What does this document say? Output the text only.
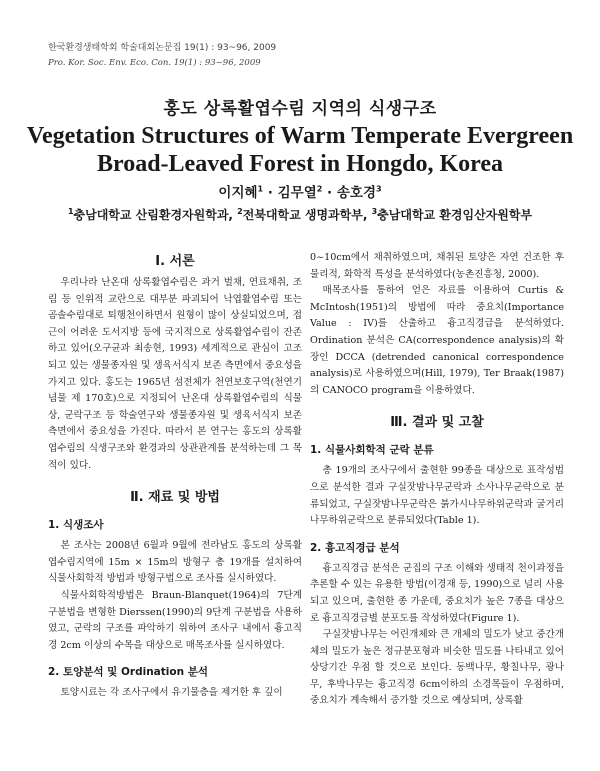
한국환경생태학회 학술대회논문집 19(1) : 93~96, 2009
Pro. Kor. Soc. Env. Eco. Con. 19(1) : 93~96, 2009
홍도 상록활엽수림 지역의 식생구조
Vegetation Structures of Warm Temperate Evergreen
Broad-Leaved Forest in Hongdo, Korea
이지혜$^1$ · 김무열$^2$ · 송호경$^3$
$^1$충남대학교 산림환경자원학과, $^2$전북대학교 생명과학부, $^3$충남대학교 환경임산자원학부

Ⅰ. 서론

우리나라 난온대 상록활엽수림은 과거 벌채, 연료채취, 조림 등 인위적 교란으로 대부분 파괴되어 낙엽활엽수림 또는 곰솔수림대로 퇴행천이하면서 원형이 많이 상실되었으며, 접근이 어려운 도서지방 등에 국지적으로 상록활엽수림이 잔존하고 있어(오구균과 최송현, 1993) 세계적으로 관심이 고조되고 있는 생물종자원 및 생육서식지 보존 측면에서 중요성을 가지고 있다. 홍도는 1965년 섬전체가 천연보호구역(천연기념물 제 170호)으로 지정되어 난온대 상록활엽수림의 식물상, 군락구조 등 학술연구와 생물종자원 및 생육서식지 보존 측면에서 중요성을 가진다. 따라서 본 연구는 홍도의 상록활엽수림의 식생구조와 환경과의 상관관계를 분석하는데 그 목적이 있다.

Ⅱ. 재료 및 방법

1. 식생조사

본 조사는 2008년 6월과 9월에 전라남도 홍도의 상록활엽수림지역에 15m × 15m의 방형구 총 19개를 설치하여 식물사회학적 방법과 방형구법으로 조사를 실시하였다.

식물사회학적방법은 Braun-Blanquet(1964)의 7단계 구분법을 변형한 Dierssen(1990)의 9단계 구분법을 사용하였고, 군락의 구조를 파악하기 위하여 조사구 내에서 흉고직경 2cm 이상의 수목을 대상으로 매목조사를 실시하였다.

2. 토양분석 및 Ordination 분석

토양시료는 각 조사구에서 유기물층을 제거한 후 깊이

0~10cm에서 채취하였으며, 채취된 토양은 자연 건조한 후 물리적, 화학적 특성을 분석하였다(농촌진흥청, 2000).

매목조사를 통하여 얻은 자료를 이용하여 Curtis & McIntosh(1951)의 방법에 따라 중요치(Importance Value : IV)를 산출하고 흉고직경급을 분석하였다. Ordination 분석은 CA(correspondence analysis)의 확장인 DCCA (detrended canonical correspondence analysis)로 사용하였으며(Hill, 1979), Ter Braak(1987)의 CANOCO program을 이용하였다.

Ⅲ. 결과 및 고찰

1. 식물사회학적 군락 분류

총 19개의 조사구에서 출현한 99종을 대상으로 표작성법으로 분석한 결과 구실잣밤나무군락과 소사나무군락으로 분류되었고, 구실잣밤나무군락은 붉가시나무하위군락과 굴거리나무하위군락으로 분류되었다(Table 1).

2. 흉고직경급 분석

흉고직경급 분석은 군집의 구조 이해와 생태적 천이과정을 추론할 수 있는 유용한 방법(이경재 등, 1990)으로 널리 사용되고 있으며, 출현한 종 가운데, 중요치가 높은 7종을 대상으로 흉고직경급별 분포도를 작성하였다(Figure 1).

구실잣밤나무는 어린개체와 큰 개체의 밀도가 낮고 중간개체의 밀도가 높은 정규분포형과 비슷한 밀도를 나타내고 있어 상당기간 우점 할 것으로 보인다. 동백나무, 황칠나무, 광나무, 후박나무는 흉고직경 6cm이하의 소경목들이 우점하며, 중요치가 계속해서 증가할 것으로 예상되며, 상록활
